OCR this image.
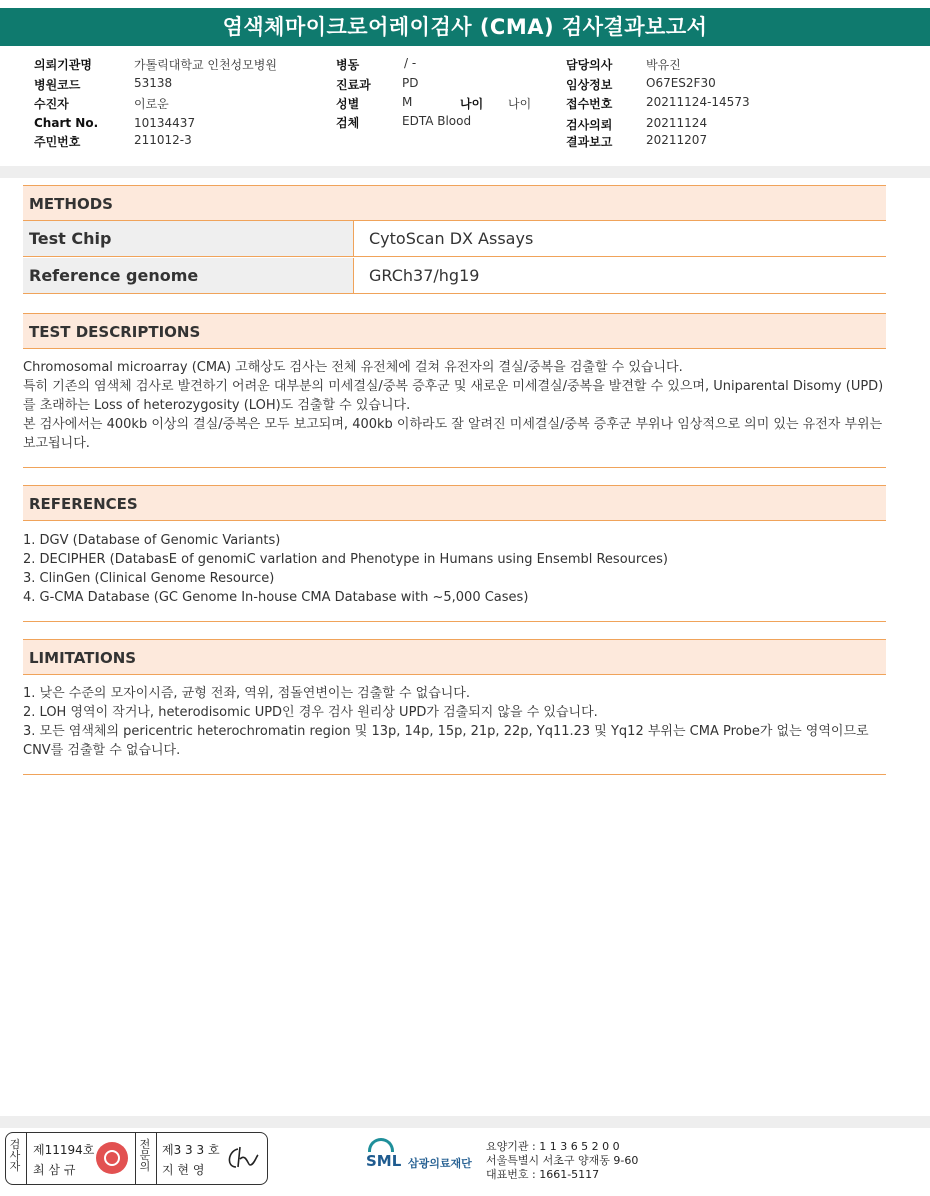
염색체마이크로어레이검사 (CMA) 검사결과보고서
의뢰기관명	가톨릭대학교 인천성모병원
병원코드	53138
수진자	이로운
Chart No.	10134437
주민번호	211012-3
병동	/ -
진료과	PD
성별	M	나이 나이
검체	EDTA Blood
담당의사	박유진
임상정보	O67ES2F30
접수번호	20211124-14573
검사의뢰	20211124
결과보고	20211207
METHODS
Test Chip	CytoScan DX Assays
Reference genome	GRCh37/hg19
TEST DESCRIPTIONS

Chromosomal microarray (CMA) 고해상도 검사는 전체 유전체에 걸쳐 유전자의 결실/중복을 검출할 수 있습니다.

특히 기존의 염색체 검사로 발견하기 어려운 대부분의 미세결실/중복 증후군 및 새로운 미세결실/중복을 발견할 수 있으며, Uniparental Disomy (UPD)를 초래하는 Loss of heterozygosity (LOH)도 검출할 수 있습니다.

본 검사에서는 400kb 이상의 결실/중복은 모두 보고되며, 400kb 이하라도 잘 알려진 미세결실/중복 증후군 부위나 임상적으로 의미 있는 유전자 부위는 보고됩니다.

REFERENCES

1. DGV (Database of Genomic Variants)

2. DECIPHER (DatabasE of genomiC varIation and Phenotype in Humans using Ensembl Resources)

3. ClinGen (Clinical Genome Resource)

4. G-CMA Database (GC Genome In-house CMA Database with ~5,000 Cases)

LIMITATIONS

1. 낮은 수준의 모자이시즘, 균형 전좌, 역위, 점돌연변이는 검출할 수 없습니다.

2. LOH 영역이 작거나, heterodisomic UPD인 경우 검사 원리상 UPD가 검출되지 않을 수 있습니다.

3. 모든 염색체의 pericentric heterochromatin region 및 13p, 14p, 15p, 21p, 22p, Yq11.23 및 Yq12 부위는 CMA Probe가 없는 영역이므로 CNV를 검출할 수 없습니다.

검사자
제11194호
최 삼 규
전문의
제3 3 3 호
지 현 영	SML 삼광의료재단
요양기관 : 1 1 3 6 5 2 0 0
서울특별시 서초구 양재동 9-60
대표번호 : 1661-5117
